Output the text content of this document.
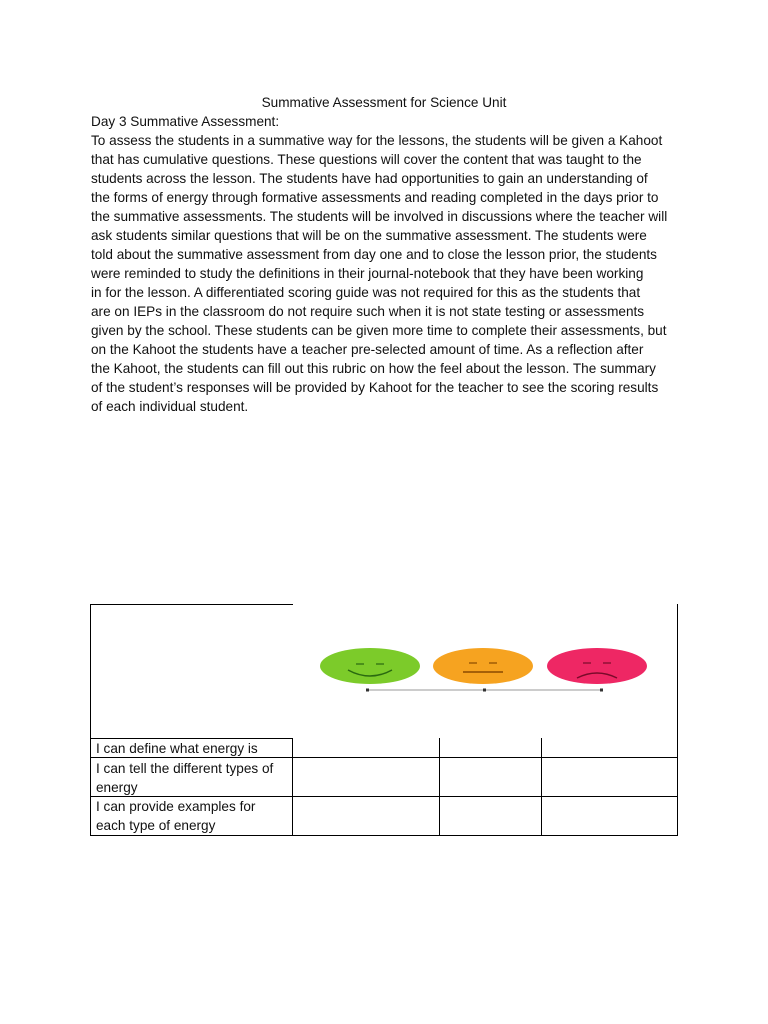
Summative Assessment for Science Unit
Day 3 Summative Assessment:
To assess the students in a summative way for the lessons, the students will be given a Kahoot
that has cumulative questions. These questions will cover the content that was taught to the
students across the lesson. The students have had opportunities to gain an understanding of
the forms of energy through formative assessments and reading completed in the days prior to
the summative assessments. The students will be involved in discussions where the teacher will
ask students similar questions that will be on the summative assessment. The students were
told about the summative assessment from day one and to close the lesson prior, the students
were reminded to study the definitions in their journal-notebook that they have been working
in for the lesson. A differentiated scoring guide was not required for this as the students that
are on IEPs in the classroom do not require such when it is not state testing or assessments
given by the school. These students can be given more time to complete their assessments, but
on the Kahoot the students have a teacher pre-selected amount of time. As a reflection after
the Kahoot, the students can fill out this rubric on how the feel about the lesson. The summary
of the student’s responses will be provided by Kahoot for the teacher to see the scoring results
of each individual student.
I can define what energy is
I can tell the different types of
energy
I can provide examples for
each type of energy
